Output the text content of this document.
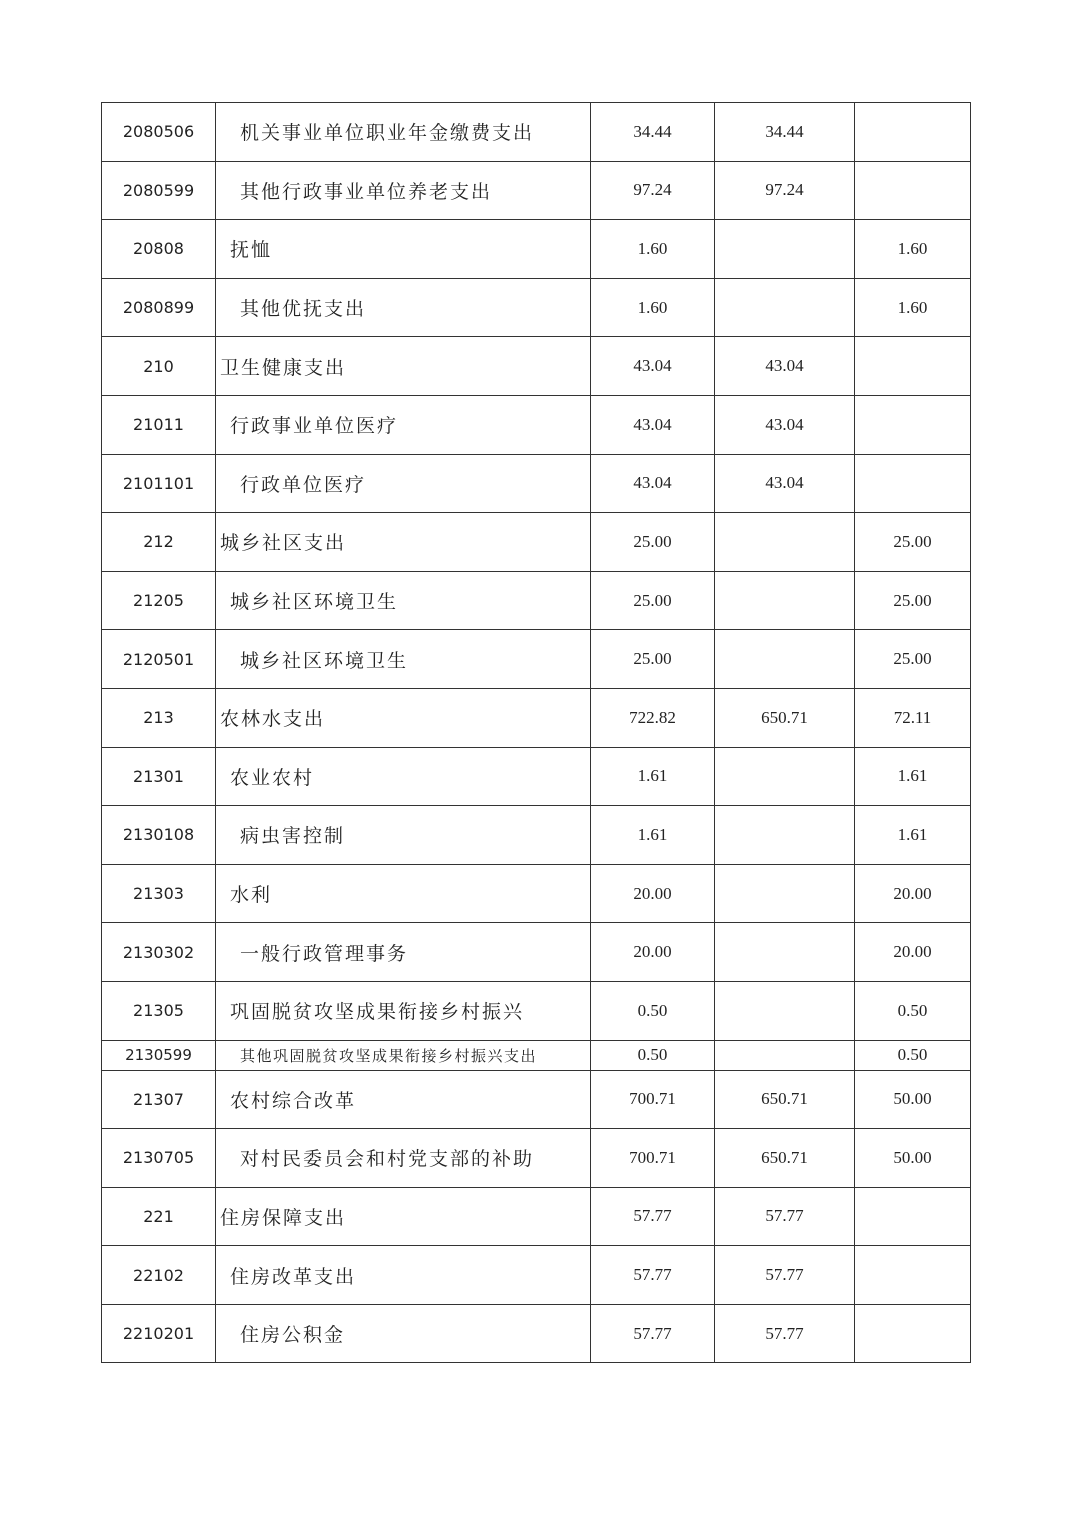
2080506	机关事业单位职业年金缴费支出	34.44	34.44	
2080599	其他行政事业单位养老支出	97.24	97.24	
20808	抚恤	1.60		1.60
2080899	其他优抚支出	1.60		1.60
210	卫生健康支出	43.04	43.04	
21011	行政事业单位医疗	43.04	43.04	
2101101	行政单位医疗	43.04	43.04	
212	城乡社区支出	25.00		25.00
21205	城乡社区环境卫生	25.00		25.00
2120501	城乡社区环境卫生	25.00		25.00
213	农林水支出	722.82	650.71	72.11
21301	农业农村	1.61		1.61
2130108	病虫害控制	1.61		1.61
21303	水利	20.00		20.00
2130302	一般行政管理事务	20.00		20.00
21305	巩固脱贫攻坚成果衔接乡村振兴	0.50		0.50
2130599	其他巩固脱贫攻坚成果衔接乡村振兴支出	0.50		0.50
21307	农村综合改革	700.71	650.71	50.00
2130705	对村民委员会和村党支部的补助	700.71	650.71	50.00
221	住房保障支出	57.77	57.77	
22102	住房改革支出	57.77	57.77	
2210201	住房公积金	57.77	57.77	
